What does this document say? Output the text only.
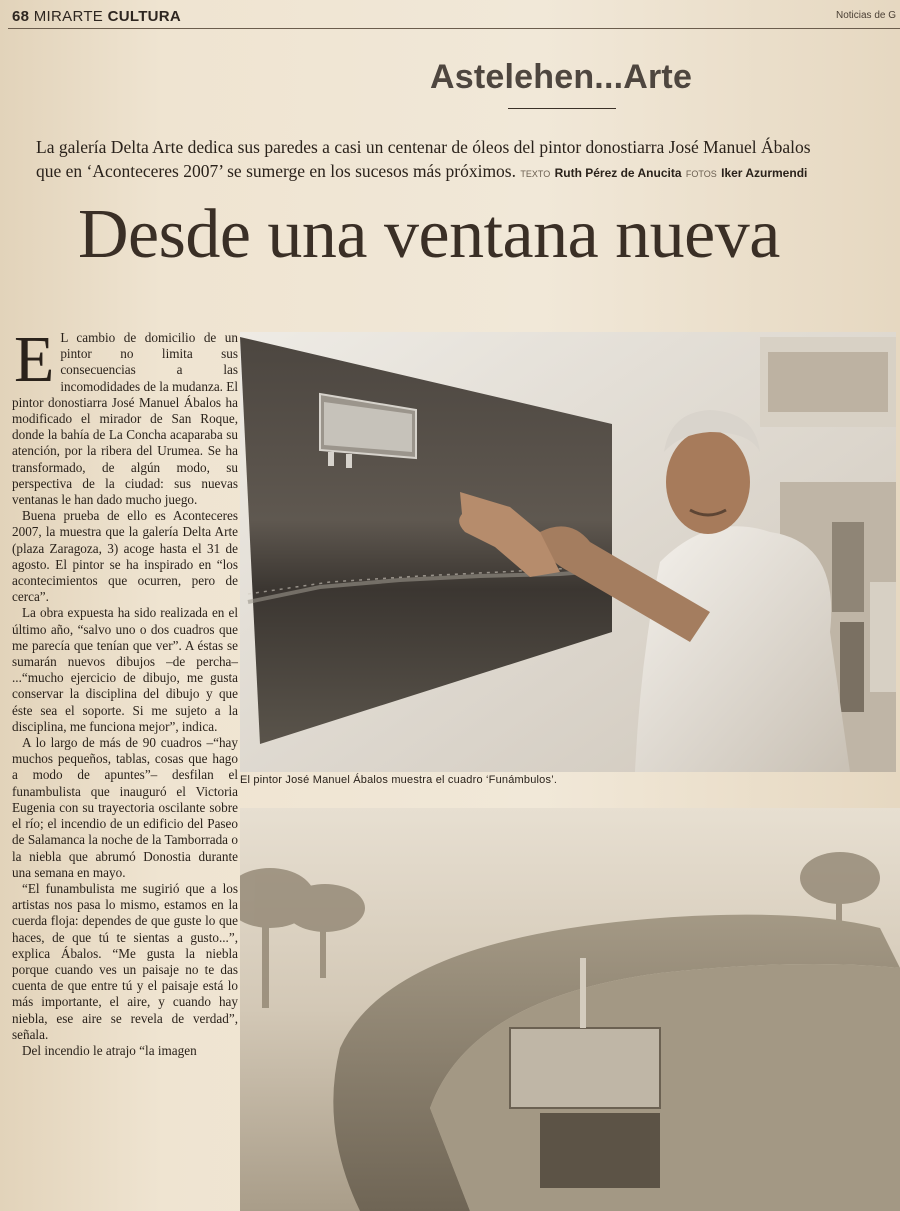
68 MIRARTE CULTURA	Noticias de G
Astelehen...Arte
La galería Delta Arte dedica sus paredes a casi un centenar de óleos del pintor donostiarra José Manuel Ábalos
que en ‘Aconteceres 2007’ se sumerge en los sucesos más próximos. TEXTO Ruth Pérez de Anucita FOTOS Iker Azurmendi
Desde una ventana nueva

E L cambio de domicilio de un pintor no limita sus consecuencias a las incomodidades de la mudanza. El pintor donostiarra José Manuel Ábalos ha modificado el mirador de San Roque, donde la bahía de La Concha acaparaba su atención, por la ribera del Urumea. Se ha transformado, de algún modo, su perspectiva de la ciudad: sus nuevas ventanas le han dado mucho juego.

Buena prueba de ello es Aconteceres 2007, la muestra que la galería Delta Arte (plaza Zaragoza, 3) acoge hasta el 31 de agosto. El pintor se ha inspirado en “los acontecimientos que ocurren, pero de cerca”.

La obra expuesta ha sido realizada en el último año, “salvo uno o dos cuadros que me parecía que tenían que ver”. A éstas se sumarán nuevos dibujos –de percha– ...“mucho ejercicio de dibujo, me gusta conservar la disciplina del dibujo y que éste sea el soporte. Si me sujeto a la disciplina, me funciona mejor”, indica.

A lo largo de más de 90 cuadros –“hay muchos pequeños, tablas, cosas que hago a modo de apuntes”– desfilan el funambulista que inauguró el Victoria Eugenia con su trayectoria oscilante sobre el río; el incendio de un edificio del Paseo de Salamanca la noche de la Tamborrada o la niebla que abrumó Donostia durante una semana en mayo.

“El funambulista me sugirió que a los artistas nos pasa lo mismo, estamos en la cuerda floja: dependes de que guste lo que haces, de que tú te sientas a gusto...”, explica Ábalos. “Me gusta la niebla porque cuando ves un paisaje no te das cuenta de que entre tú y el paisaje está lo más importante, el aire, y cuando hay niebla, ese aire se revela de verdad”, señala.

Del incendio le atrajo “la imagen

El pintor José Manuel Ábalos muestra el cuadro ‘Funámbulos’.
